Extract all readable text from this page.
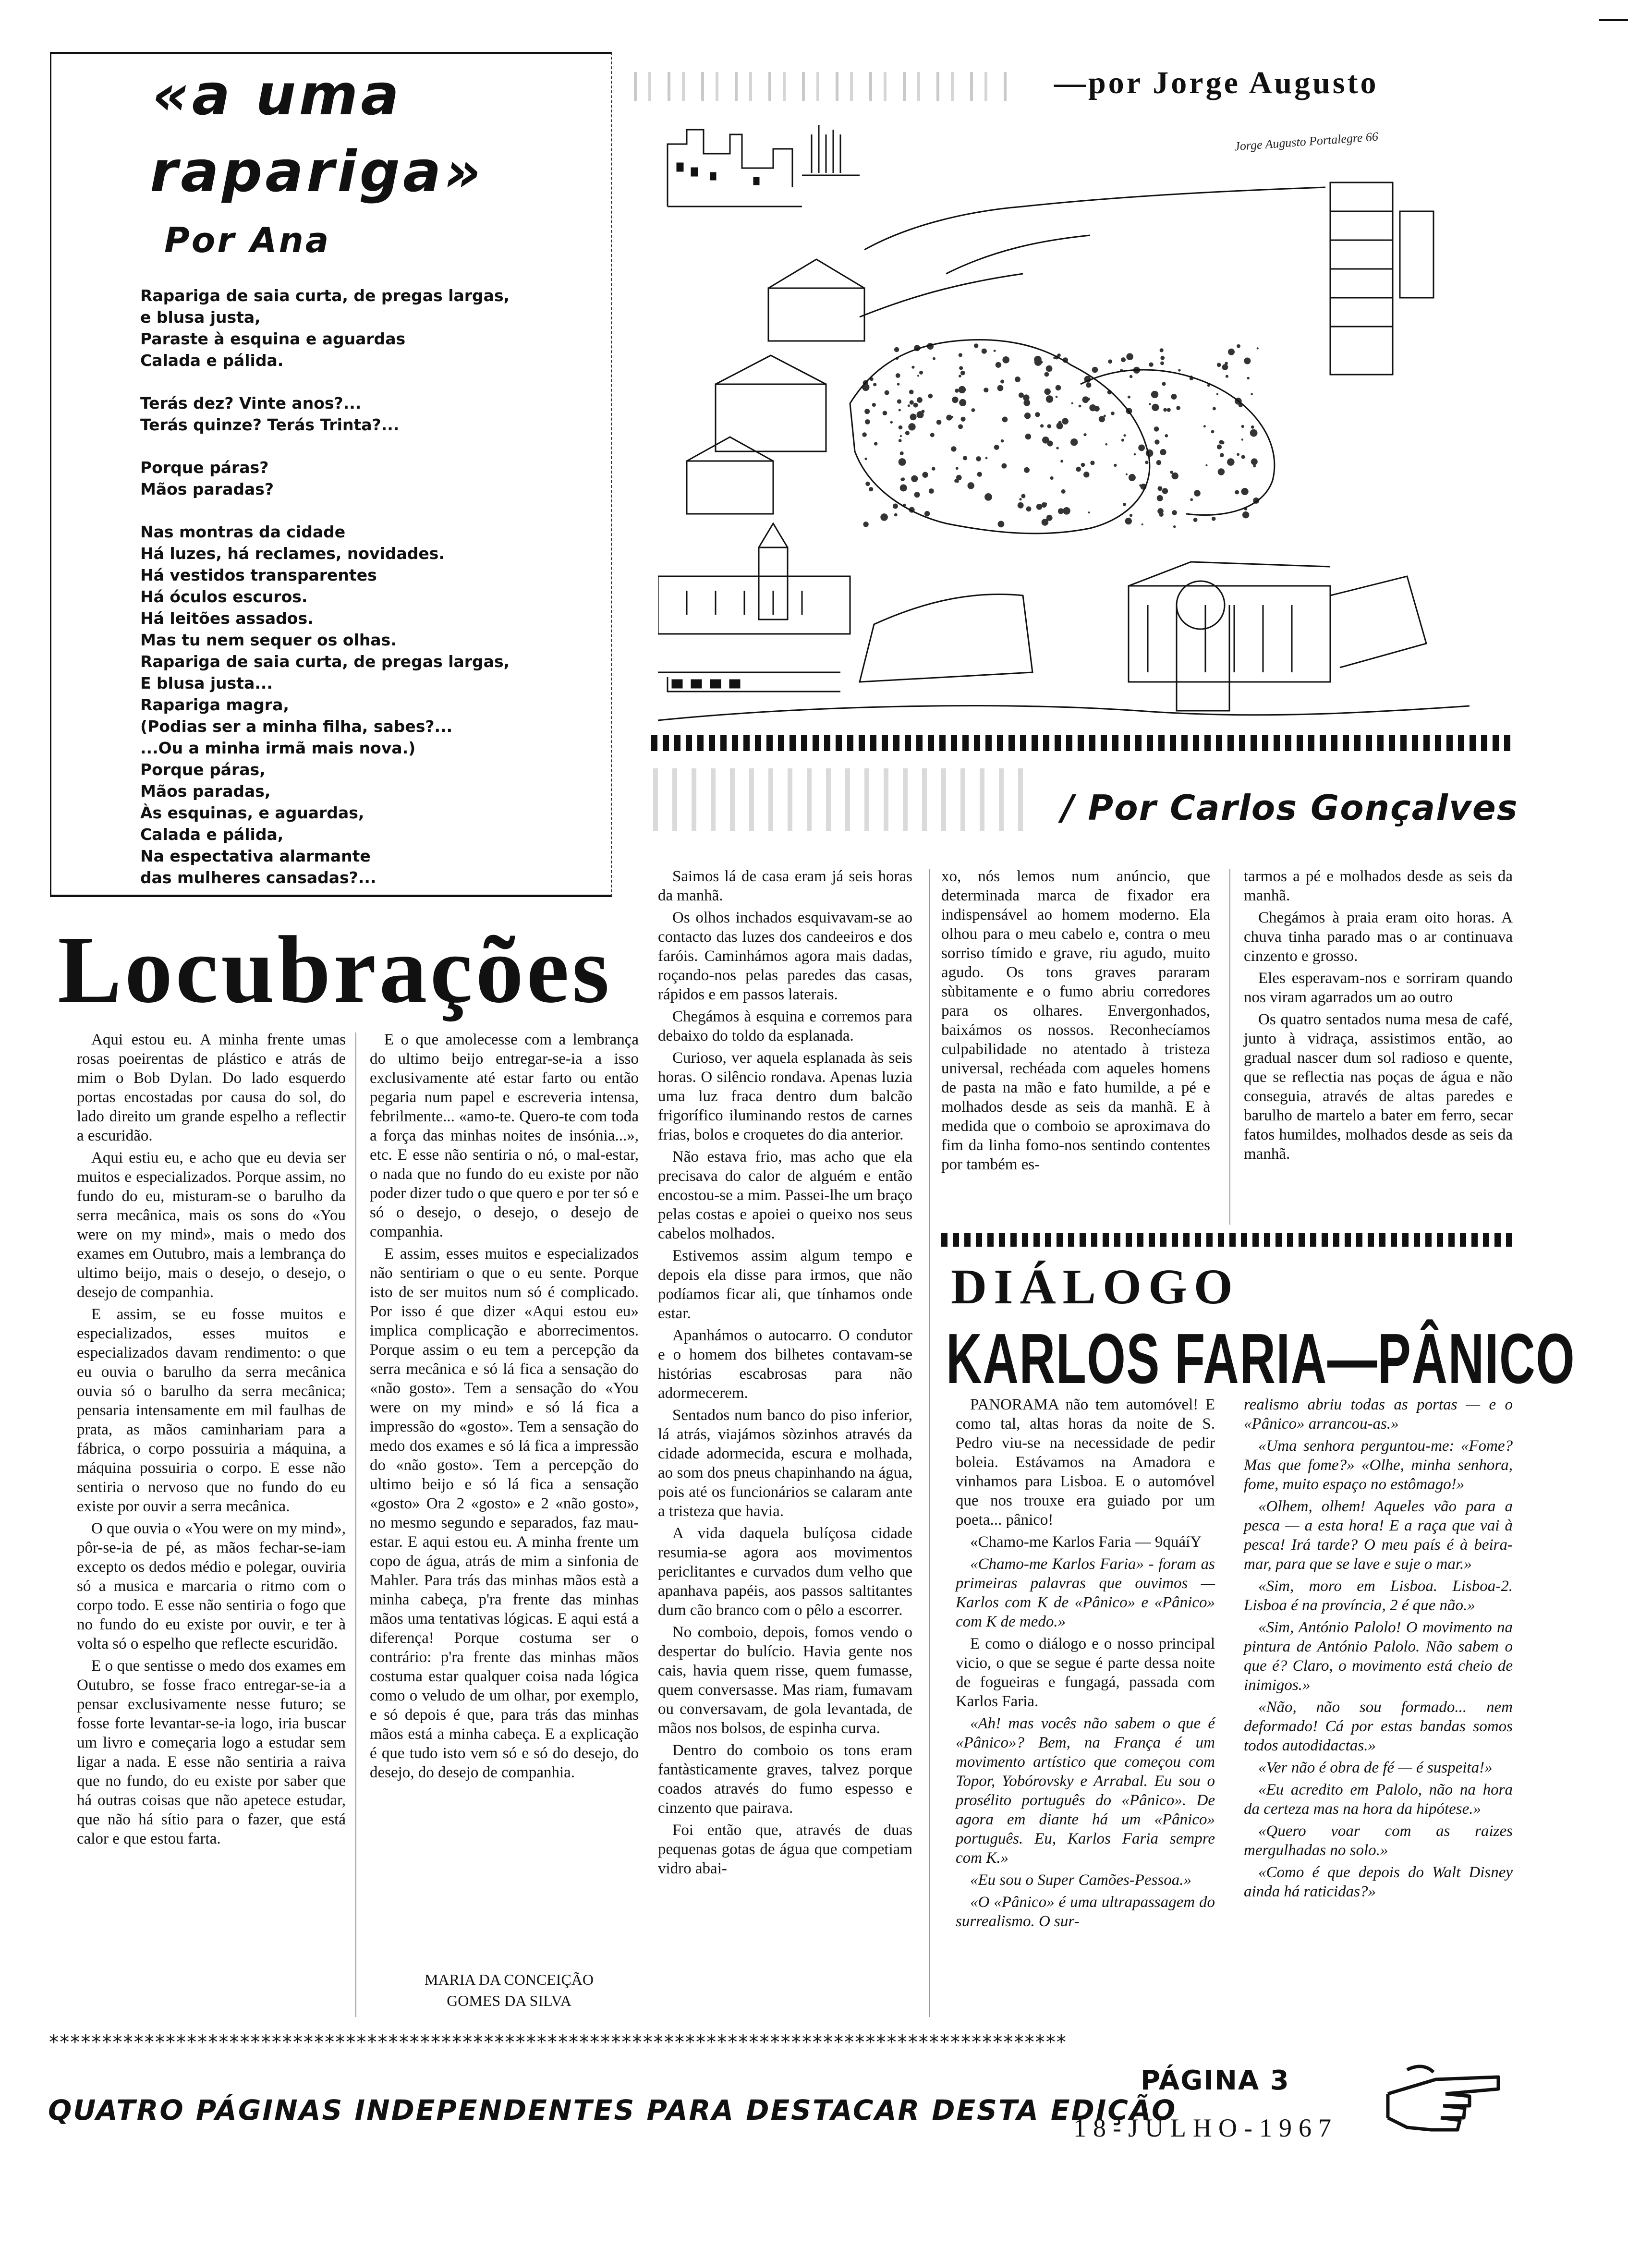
«a uma
rapariga»
Por Ana
Rapariga de saia curta, de pregas largas,
e blusa justa,
Paraste à esquina e aguardas
Calada e pálida.
Terás dez? Vinte anos?...
Terás quinze? Terás Trinta?...
Porque páras?
Mãos paradas?
Nas montras da cidade
Há luzes, há reclames, novidades.
Há vestidos transparentes
Há óculos escuros.
Há leitões assados.
Mas tu nem sequer os olhas.
Rapariga de saia curta, de pregas largas,
E blusa justa...
Rapariga magra,
(Podias ser a minha filha, sabes?...
...Ou a minha irmã mais nova.)
Porque páras,
Mãos paradas,
Às esquinas, e aguardas,
Calada e pálida,
Na espectativa alarmante
das mulheres cansadas?...
—por Jorge Augusto
Jorge Augusto Portalegre 66
/ Por Carlos Gonçalves

Saimos lá de casa eram já seis horas da manhã.

Os olhos inchados esquivavam-se ao contacto das luzes dos candeeiros e dos faróis. Caminhámos agora mais dadas, roçando-nos pelas paredes das casas, rápidos e em passos laterais.

Chegámos à esquina e corremos para debaixo do toldo da esplanada.

Curioso, ver aquela esplanada às seis horas. O silêncio rondava. Apenas luzia uma luz fraca dentro dum balcão frigorífico iluminando restos de carnes frias, bolos e croquetes do dia anterior.

Não estava frio, mas acho que ela precisava do calor de alguém e então encostou-se a mim. Passei-lhe um braço pelas costas e apoiei o queixo nos seus cabelos molhados.

Estivemos assim algum tempo e depois ela disse para irmos, que não podíamos ficar ali, que tínhamos onde estar.

Apanhámos o autocarro. O condutor e o homem dos bilhetes contavam-se histórias escabrosas para não adormecerem.

Sentados num banco do piso inferior, lá atrás, viajámos sòzinhos através da cidade adormecida, escura e molhada, ao som dos pneus chapinhando na água, pois até os funcionários se calaram ante a tristeza que havia.

A vida daquela bulíçosa cidade resumia-se agora aos movimentos periclitantes e curvados dum velho que apanhava papéis, aos passos saltitantes dum cão branco com o pêlo a escorrer.

No comboio, depois, fomos vendo o despertar do bulício. Havia gente nos cais, havia quem risse, quem fumasse, quem conversasse. Mas riam, fumavam ou conversavam, de gola levantada, de mãos nos bolsos, de espinha curva.

Dentro do comboio os tons eram fantàsticamente graves, talvez porque coados através do fumo espesso e cinzento que pairava.

Foi então que, através de duas pequenas gotas de água que competiam vidro abai-

xo, nós lemos num anúncio, que determinada marca de fixador era indispensável ao homem moderno. Ela olhou para o meu cabelo e, contra o meu sorriso tímido e grave, riu agudo, muito agudo. Os tons graves pararam sùbitamente e o fumo abriu corredores para os olhares. Envergonhados, baixámos os nossos. Reconhecíamos culpabilidade no atentado à tristeza universal, rechéada com aqueles homens de pasta na mão e fato humilde, a pé e molhados desde as seis da manhã. E à medida que o comboio se aproximava do fim da linha fomo-nos sentindo contentes por também es-

tarmos a pé e molhados desde as seis da manhã.

Chegámos à praia eram oito horas. A chuva tinha parado mas o ar continuava cinzento e grosso.

Eles esperavam-nos e sorriram quando nos viram agarrados um ao outro

Os quatro sentados numa mesa de café, junto à vidraça, assistimos então, ao gradual nascer dum sol radioso e quente, que se reflectia nas poças de água e não conseguia, através de altas paredes e barulho de martelo a bater em ferro, secar fatos humildes, molhados desde as seis da manhã.

DIÁLOGO
KARLOS FARIA—PÂNICO

PANORAMA não tem automóvel! E como tal, altas horas da noite de S. Pedro viu-se na necessidade de pedir boleia. Estávamos na Amadora e vinhamos para Lisboa. E o automóvel que nos trouxe era guiado por um poeta... pânico!

«Chamo-me Karlos Faria — 9quáíY

«Chamo-me Karlos Faria» - foram as primeiras palavras que ouvimos — Karlos com K de «Pânico» e «Pânico» com K de medo.»

E como o diálogo e o nosso principal vicio, o que se segue é parte dessa noite de fogueiras e fungagá, passada com Karlos Faria.

«Ah! mas vocês não sabem o que é «Pânico»? Bem, na França é um movimento artístico que começou com Topor, Yobórovsky e Arrabal. Eu sou o prosélito português do «Pânico». De agora em diante há um «Pânico» português. Eu, Karlos Faria sempre com K.»

«Eu sou o Super Camões-Pessoa.»

«O «Pânico» é uma ultrapassagem do surrealismo. O sur-

realismo abriu todas as portas — e o «Pânico» arrancou-as.»

«Uma senhora perguntou-me: «Fome? Mas que fome?» «Olhe, minha senhora, fome, muito espaço no estômago!»

«Olhem, olhem! Aqueles vão para a pesca — a esta hora! E a raça que vai à pesca! Irá tarde? O meu país é à beira-mar, para que se lave e suje o mar.»

«Sim, moro em Lisboa. Lisboa-2. Lisboa é na província, 2 é que não.»

«Sim, António Palolo! O movimento na pintura de António Palolo. Não sabem o que é? Claro, o movimento está cheio de inimigos.»

«Não, não sou formado... nem deformado! Cá por estas bandas somos todos autodidactas.»

«Ver não é obra de fé — é suspeita!»

«Eu acredito em Palolo, não na hora da certeza mas na hora da hipótese.»

«Quero voar com as raizes mergulhadas no solo.»

«Como é que depois do Walt Disney ainda há raticidas?»

Locubrações

Aqui estou eu. A minha frente umas rosas poeirentas de plástico e atrás de mim o Bob Dylan. Do lado esquerdo portas encostadas por causa do sol, do lado direito um grande espelho a reflectir a escuridão.

Aqui estiu eu, e acho que eu devia ser muitos e especializados. Porque assim, no fundo do eu, misturam-se o barulho da serra mecânica, mais os sons do «You were on my mind», mais o medo dos exames em Outubro, mais a lembrança do ultimo beijo, mais o desejo, o desejo, o desejo de companhia.

E assim, se eu fosse muitos e especializados, esses muitos e especializados davam rendimento: o que eu ouvia o barulho da serra mecânica ouvia só o barulho da serra mecânica; pensaria intensamente em mil faulhas de prata, as mãos caminhariam para a fábrica, o corpo possuiria a máquina, a máquina possuiria o corpo. E esse não sentiria o nervoso que no fundo do eu existe por ouvir a serra mecânica.

O que ouvia o «You were on my mind», pôr-se-ia de pé, as mãos fechar-se-iam excepto os dedos médio e polegar, ouviria só a musica e marcaria o ritmo com o corpo todo. E esse não sentiria o fogo que no fundo do eu existe por ouvir, e ter à volta só o espelho que reflecte escuridão.

E o que sentisse o medo dos exames em Outubro, se fosse fraco entregar-se-ia a pensar exclusivamente nesse futuro; se fosse forte levantar-se-ia logo, iria buscar um livro e começaria logo a estudar sem ligar a nada. E esse não sentiria a raiva que no fundo, do eu existe por saber que há outras coisas que não apetece estudar, que não há sítio para o fazer, que está calor e que estou farta.

E o que amolecesse com a lembrança do ultimo beijo entregar-se-ia a isso exclusivamente até estar farto ou então pegaria num papel e escreveria intensa, febrilmente... «amo-te. Quero-te com toda a força das minhas noites de insónia...», etc. E esse não sentiria o nó, o mal-estar, o nada que no fundo do eu existe por não poder dizer tudo o que quero e por ter só e só o desejo, o desejo, o desejo de companhia.

E assim, esses muitos e especializados não sentiriam o que o eu sente. Porque isto de ser muitos num só é complicado. Por isso é que dizer «Aqui estou eu» implica complicação e aborrecimentos. Porque assim o eu tem a percepção da serra mecânica e só lá fica a sensação do «não gosto». Tem a sensação do «You were on my mind» e só lá fica a impressão do «gosto». Tem a sensação do medo dos exames e só lá fica a impressão do «não gosto». Tem a percepção do ultimo beijo e só lá fica a sensação «gosto» Ora 2 «gosto» e 2 «não gosto», no mesmo segundo e separados, faz mau-estar. E aqui estou eu. A minha frente um copo de água, atrás de mim a sinfonia de Mahler. Para trás das minhas mãos està a minha cabeça, p'ra frente das minhas mãos uma tentativas lógicas. E aqui está a diferença! Porque costuma ser o contrário: p'ra frente das minhas mãos costuma estar qualquer coisa nada lógica como o veludo de um olhar, por exemplo, e só depois é que, para trás das minhas mãos está a minha cabeça. E a explicação é que tudo isto vem só e só do desejo, do desejo, do desejo de companhia.

MARIA DA CONCEIÇÃO
GOMES DA SILVA
************************************************************************************************
QUATRO PÁGINAS INDEPENDENTES PARA DESTACAR DESTA EDIÇÃO
PÁGINA 3
18-JULHO-1967
